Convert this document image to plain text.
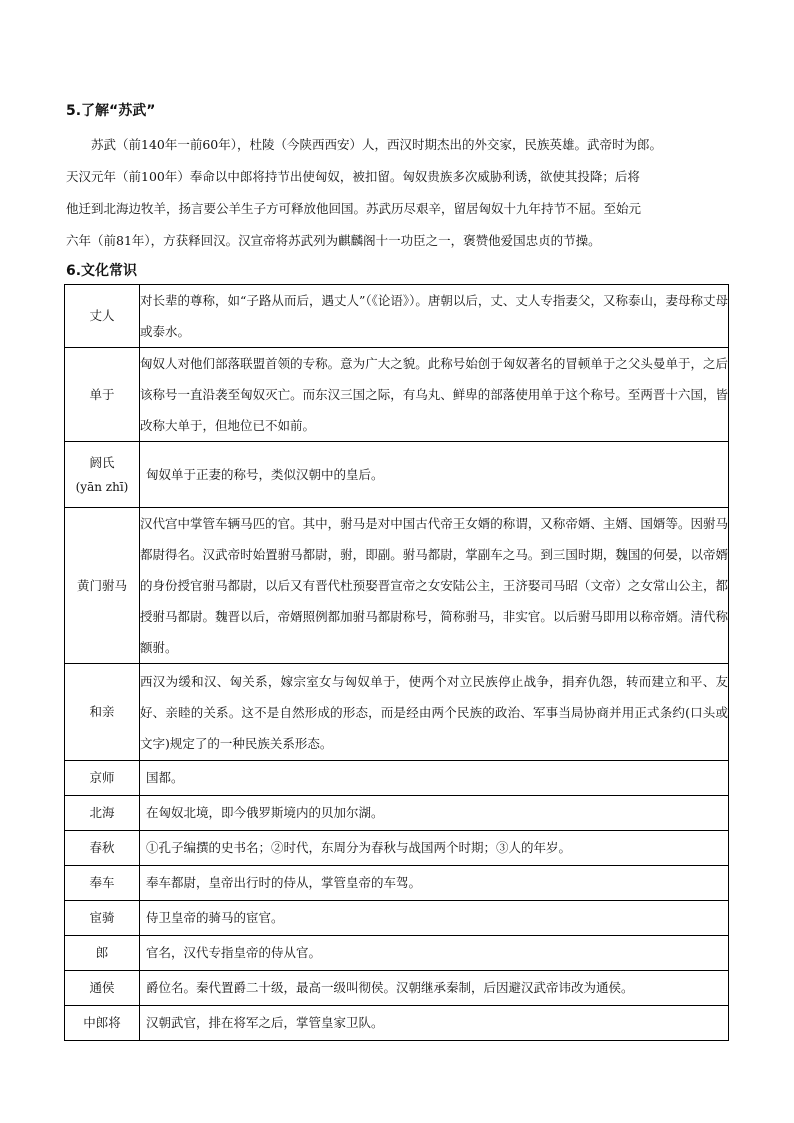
5.了解“苏武”
苏武（前140年一前60年），杜陵（今陕西西安）人，西汉时期杰出的外交家，民族英雄。武帝时为郎。
天汉元年（前100年）奉命以中郎将持节出使匈奴，被扣留。匈奴贵族多次威胁利诱，欲使其投降；后将
他迁到北海边牧羊，扬言要公羊生子方可释放他回国。苏武历尽艰辛，留居匈奴十九年持节不屈。至始元
六年（前81年），方获释回汉。汉宣帝将苏武列为麒麟阁十一功臣之一，褒赞他爱国忠贞的节操。
6.文化常识
丈人	对长辈的尊称，如“子路从而后，遇丈人”（《论语》）。唐朝以后，丈、丈人专指妻父，又称泰山，妻母称丈母或泰水。
单于	匈奴人对他们部落联盟首领的专称。意为广大之貌。此称号始创于匈奴著名的冒顿单于之父头曼单于，之后该称号一直沿袭至匈奴灭亡。而东汉三国之际，有乌丸、鲜卑的部落使用单于这个称号。至两晋十六国，皆改称大单于，但地位已不如前。
阏氏
(yān zhī)	匈奴单于正妻的称号，类似汉朝中的皇后。
黄门驸马	汉代宫中掌管车辆马匹的官。其中，驸马是对中国古代帝王女婿的称谓，又称帝婿、主婿、国婿等。因驸马都尉得名。汉武帝时始置驸马都尉，驸，即副。驸马都尉，掌副车之马。到三国时期，魏国的何晏，以帝婿的身份授官驸马都尉，以后又有晋代杜预娶晋宣帝之女安陆公主，王济娶司马昭（文帝）之女常山公主，都授驸马都尉。魏晋以后，帝婿照例都加驸马都尉称号，简称驸马，非实官。以后驸马即用以称帝婿。清代称额驸。
和亲	西汉为缓和汉、匈关系，嫁宗室女与匈奴单于，使两个对立民族停止战争，捐弃仇怨，转而建立和平、友好、亲睦的关系。这不是自然形成的形态，而是经由两个民族的政治、军事当局协商并用正式条约(口头或文字)规定了的一种民族关系形态。
京师	国都。
北海	在匈奴北境，即今俄罗斯境内的贝加尔湖。
春秋	①孔子编撰的史书名；②时代，东周分为春秋与战国两个时期；③人的年岁。
奉车	奉车都尉，皇帝出行时的侍从，掌管皇帝的车驾。
宦骑	侍卫皇帝的骑马的宦官。
郎	官名，汉代专指皇帝的侍从官。
通侯	爵位名。秦代置爵二十级，最高一级叫彻侯。汉朝继承秦制，后因避汉武帝讳改为通侯。
中郎将	汉朝武官，排在将军之后，掌管皇家卫队。
